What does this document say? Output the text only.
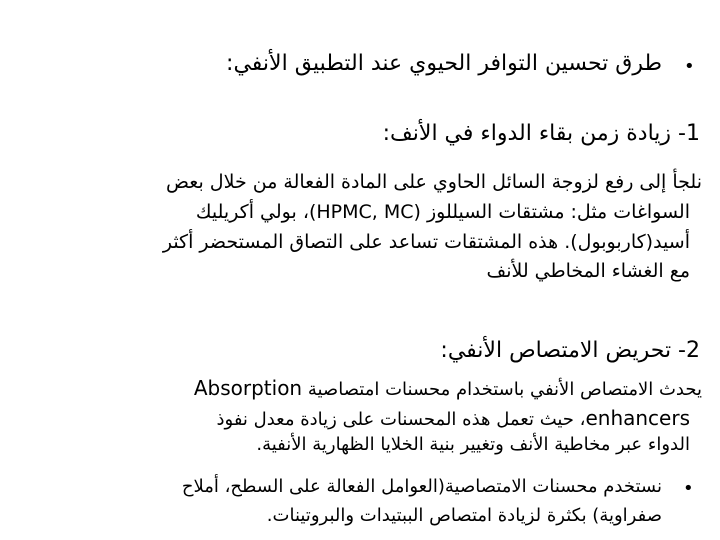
•
طرق تحسين التوافر الحيوي عند التطبيق الأنفي:
1- زيادة زمن بقاء الدواء في الأنف:
نلجأ إلى رفع لزوجة السائل الحاوي على المادة الفعالة من خلال بعض
السواغات مثل: مشتقات السيللوز (HPMC, MC)، بولي أكريليك
أسيد(كاربوبول). هذه المشتقات تساعد على التصاق المستحضر أكثر
مع الغشاء المخاطي للأنف
2- تحريض الامتصاص الأنفي:
يحدث الامتصاص الأنفي باستخدام محسنات امتصاصية Absorption
enhancers، حيث تعمل هذه المحسنات على زيادة معدل نفوذ
الدواء عبر مخاطية الأنف وتغيير بنية الخلايا الظهارية الأنفية.
•
نستخدم محسنات الامتصاصية(العوامل الفعالة على السطح، أملاح
صفراوية) بكثرة لزيادة امتصاص الببتيدات والبروتينات.
